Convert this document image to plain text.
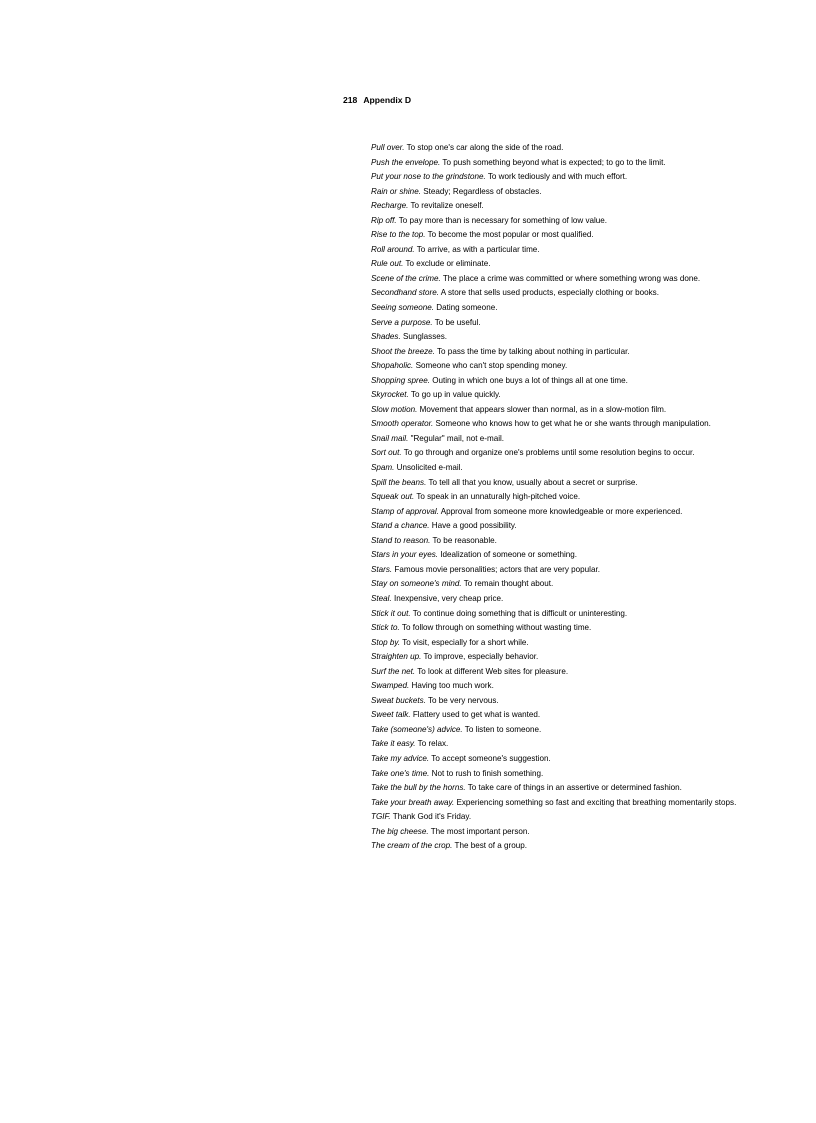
218 Appendix D
Pull over. To stop one's car along the side of the road.
Push the envelope. To push something beyond what is expected; to go to the limit.
Put your nose to the grindstone. To work tediously and with much effort.
Rain or shine. Steady; Regardless of obstacles.
Recharge. To revitalize oneself.
Rip off. To pay more than is necessary for something of low value.
Rise to the top. To become the most popular or most qualified.
Roll around. To arrive, as with a particular time.
Rule out. To exclude or eliminate.
Scene of the crime. The place a crime was committed or where something wrong was done.
Secondhand store. A store that sells used products, especially clothing or books.
Seeing someone. Dating someone.
Serve a purpose. To be useful.
Shades. Sunglasses.
Shoot the breeze. To pass the time by talking about nothing in particular.
Shopaholic. Someone who can't stop spending money.
Shopping spree. Outing in which one buys a lot of things all at one time.
Skyrocket. To go up in value quickly.
Slow motion. Movement that appears slower than normal, as in a slow-motion film.
Smooth operator. Someone who knows how to get what he or she wants through manipulation.
Snail mail. "Regular" mail, not e-mail.
Sort out. To go through and organize one's problems until some resolution begins to occur.
Spam. Unsolicited e-mail.
Spill the beans. To tell all that you know, usually about a secret or surprise.
Squeak out. To speak in an unnaturally high-pitched voice.
Stamp of approval. Approval from someone more knowledgeable or more experienced.
Stand a chance. Have a good possibility.
Stand to reason. To be reasonable.
Stars in your eyes. Idealization of someone or something.
Stars. Famous movie personalities; actors that are very popular.
Stay on someone's mind. To remain thought about.
Steal. Inexpensive, very cheap price.
Stick it out. To continue doing something that is difficult or uninteresting.
Stick to. To follow through on something without wasting time.
Stop by. To visit, especially for a short while.
Straighten up. To improve, especially behavior.
Surf the net. To look at different Web sites for pleasure.
Swamped. Having too much work.
Sweat buckets. To be very nervous.
Sweet talk. Flattery used to get what is wanted.
Take (someone's) advice. To listen to someone.
Take it easy. To relax.
Take my advice. To accept someone's suggestion.
Take one's time. Not to rush to finish something.
Take the bull by the horns. To take care of things in an assertive or determined fashion.
Take your breath away. Experiencing something so fast and exciting that breathing momentarily stops.
TGIF. Thank God it's Friday.
The big cheese. The most important person.
The cream of the crop. The best of a group.
